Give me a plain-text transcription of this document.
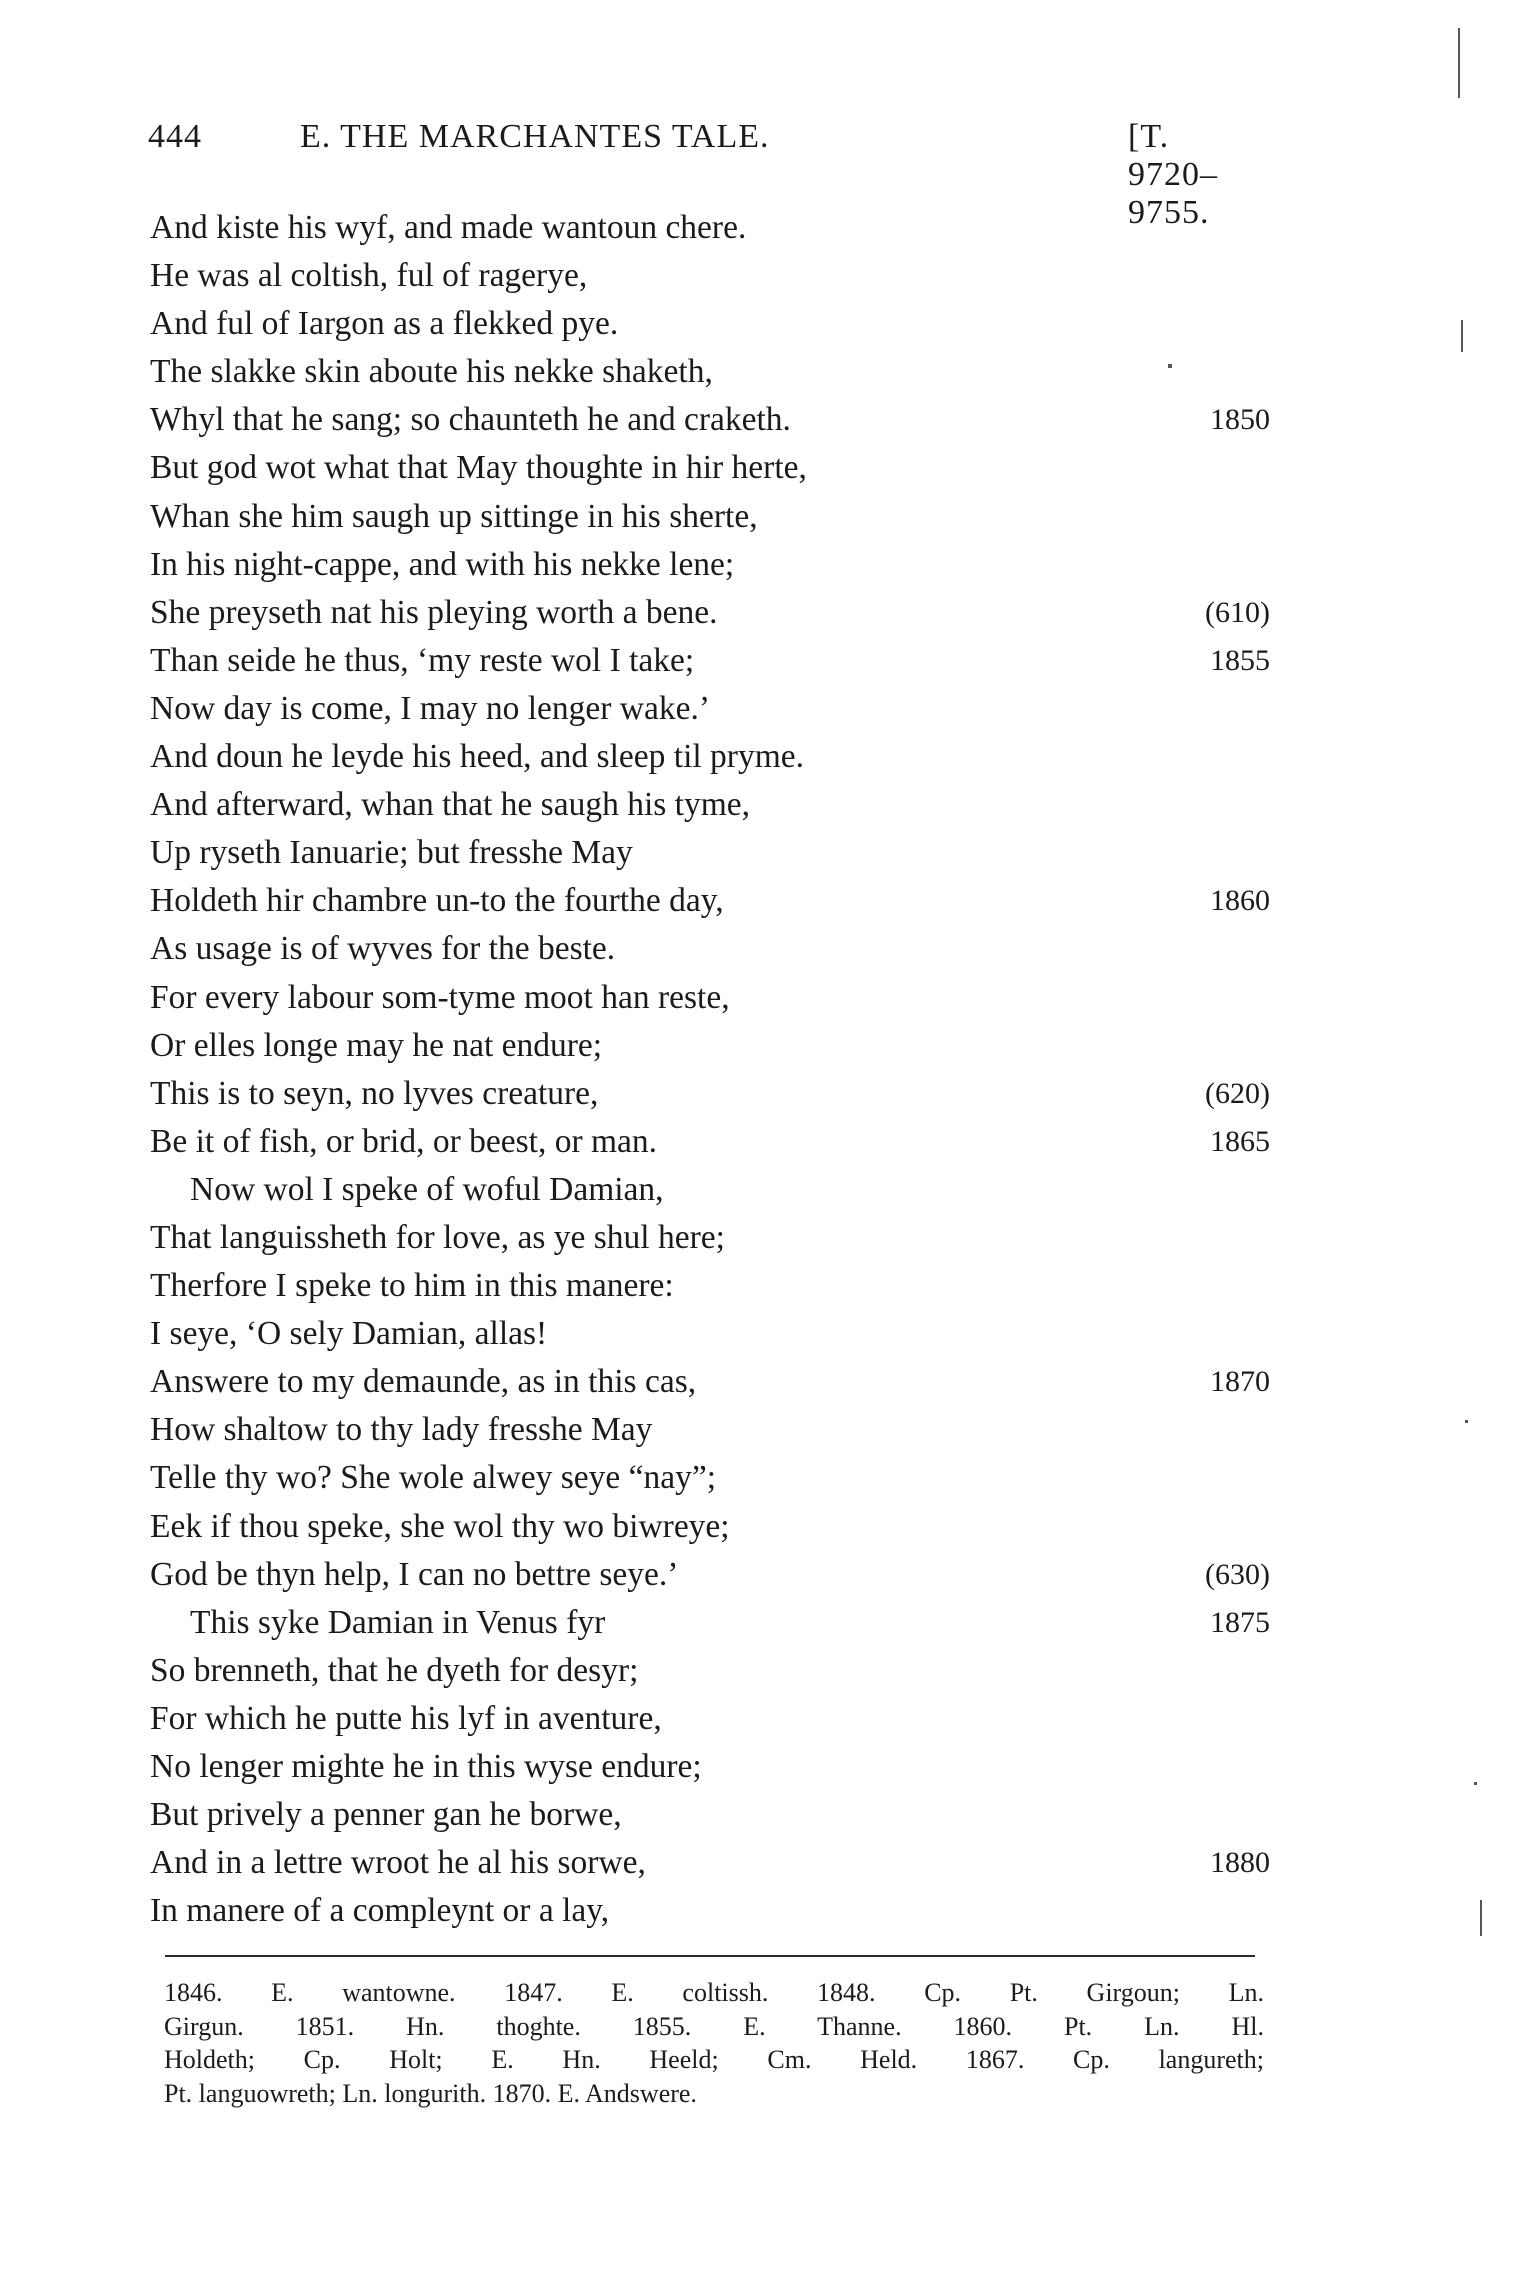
444	E. THE MARCHANTES TALE.	[T. 9720–9755.
And kiste his wyf, and made wantoun chere.
He was al coltish, ful of ragerye,
And ful of Iargon as a flekked pye.
The slakke skin aboute his nekke shaketh,
Whyl that he sang; so chaunteth he and craketh.	1850
But god wot what that May thoughte in hir herte,
Whan she him saugh up sittinge in his sherte,
In his night-cappe, and with his nekke lene;
She preyseth nat his pleying worth a bene.	(610)
Than seide he thus, ‘my reste wol I take;	1855
Now day is come, I may no lenger wake.’
And doun he leyde his heed, and sleep til pryme.
And afterward, whan that he saugh his tyme,
Up ryseth Ianuarie; but fresshe May
Holdeth hir chambre un-to the fourthe day,	1860
As usage is of wyves for the beste.
For every labour som-tyme moot han reste,
Or elles longe may he nat endure;
This is to seyn, no lyves creature,	(620)
Be it of fish, or brid, or beest, or man.	1865
Now wol I speke of woful Damian,
That languissheth for love, as ye shul here;
Therfore I speke to him in this manere:
I seye, ‘O sely Damian, allas!
Answere to my demaunde, as in this cas,	1870
How shaltow to thy lady fresshe May
Telle thy wo? She wole alwey seye “nay”;
Eek if thou speke, she wol thy wo biwreye;
God be thyn help, I can no bettre seye.’	(630)
This syke Damian in Venus fyr	1875
So brenneth, that he dyeth for desyr;
For which he putte his lyf in aventure,
No lenger mighte he in this wyse endure;
But prively a penner gan he borwe,
And in a lettre wroot he al his sorwe,	1880
In manere of a compleynt or a lay,
1846. E. wantowne. 1847. E. coltissh. 1848. Cp. Pt. Girgoun; Ln.
Girgun. 1851. Hn. thoghte. 1855. E. Thanne. 1860. Pt. Ln. Hl.
Holdeth; Cp. Holt; E. Hn. Heeld; Cm. Held. 1867. Cp. langureth;
Pt. languowreth; Ln. longurith. 1870. E. Andswere.
